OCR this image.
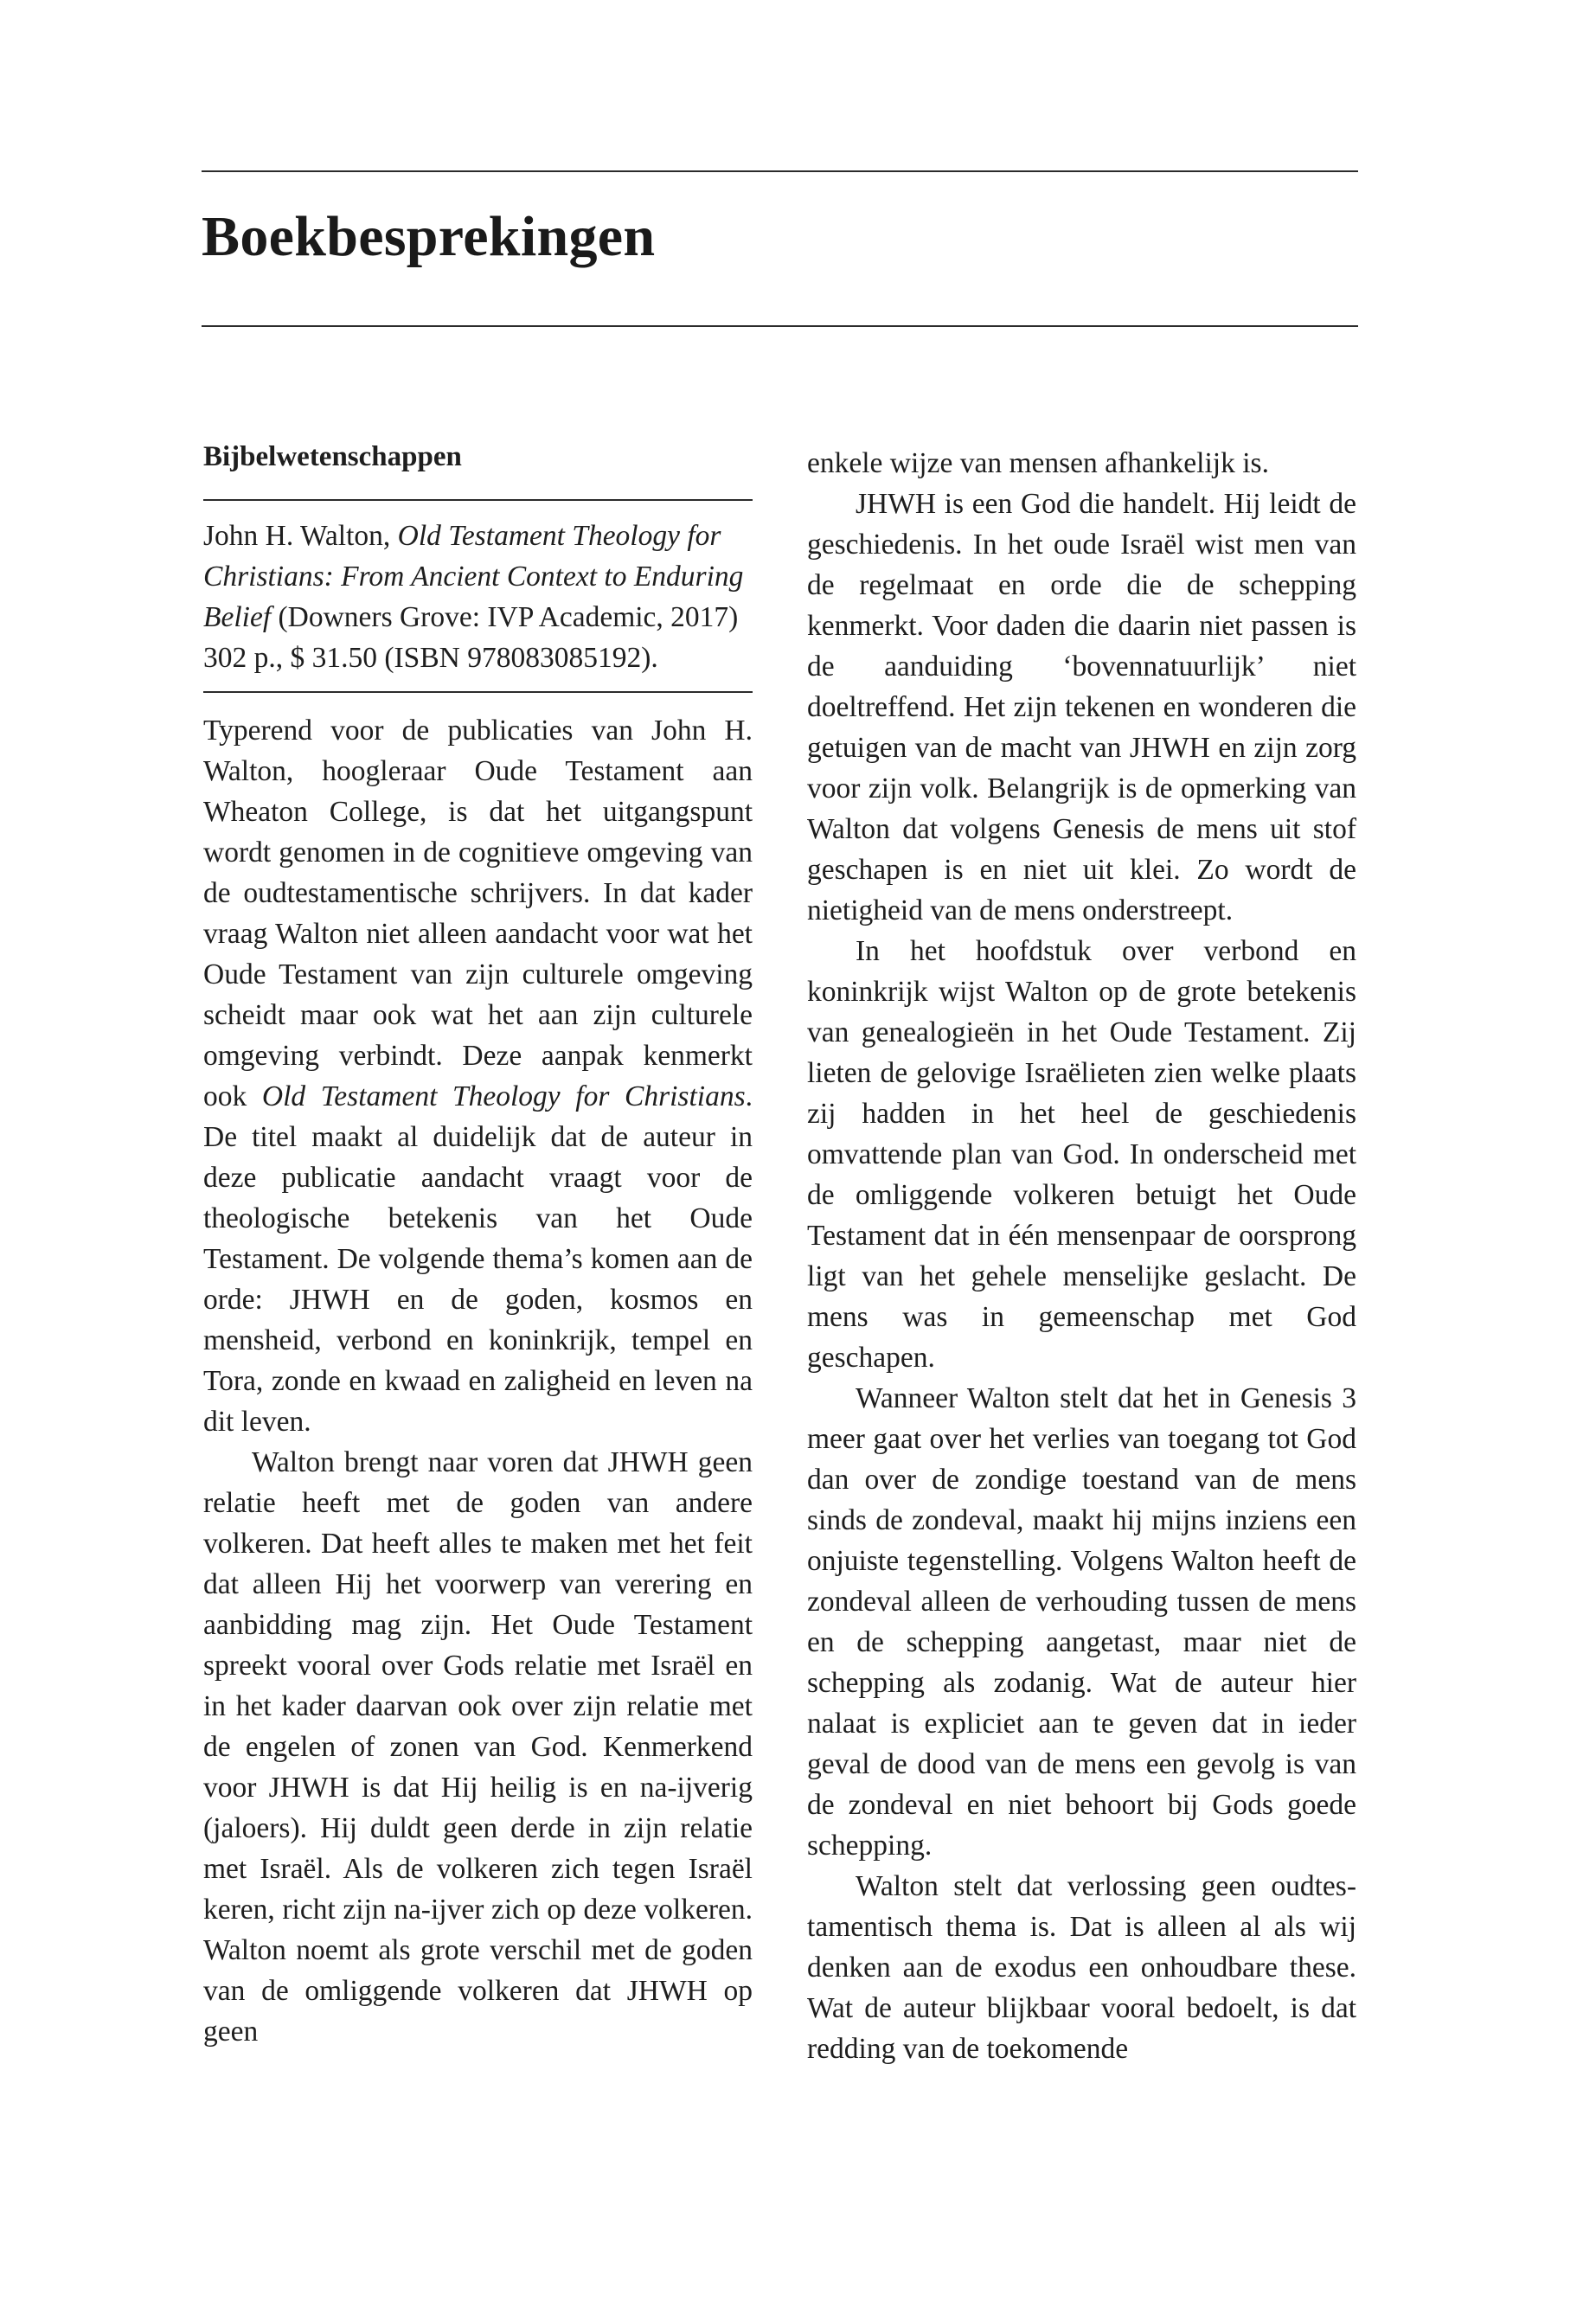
Boekbesprekingen
Bijbelwetenschappen
John H. Walton, Old Testament Theology for Christians: From Ancient Context to Enduring Belief (Downers Grove: IVP Academic, 2017) 302 p., $ 31.50 (ISBN 978083085192).

Typerend voor de publicaties van John H. Walton, hoogleraar Oude Testament aan Wheaton College, is dat het uitgangspunt wordt genomen in de cognitieve omgeving van de oudtestamentische schrijvers. In dat kader vraag Walton niet alleen aandacht voor wat het Oude Testament van zijn culturele omgeving scheidt maar ook wat het aan zijn culturele omgeving verbindt. Deze aanpak kenmerkt ook Old Testament Theology for Christians. De titel maakt al duidelijk dat de auteur in deze publicatie aandacht vraagt voor de theologische betekenis van het Oude Testament. De volgende thema’s komen aan de orde: JHWH en de goden, kosmos en mensheid, verbond en koninkrijk, tempel en Tora, zonde en kwaad en zaligheid en leven na dit leven.

Walton brengt naar voren dat JHWH geen relatie heeft met de goden van andere volkeren. Dat heeft alles te maken met het feit dat alleen Hij het voorwerp van verering en aanbidding mag zijn. Het Oude Testament spreekt vooral over Gods relatie met Israël en in het kader daarvan ook over zijn relatie met de engelen of zonen van God. Kenmerkend voor JHWH is dat Hij heilig is en na-ijverig (jaloers). Hij duldt geen derde in zijn relatie met Israël. Als de volkeren zich tegen Israël keren, richt zijn na-ijver zich op deze volkeren. Walton noemt als grote verschil met de goden van de omliggende volkeren dat JHWH op geen

enkele wijze van mensen afhankelijk is.

JHWH is een God die handelt. Hij leidt de geschiedenis. In het oude Israël wist men van de regelmaat en orde die de schepping kenmerkt. Voor daden die daarin niet passen is de aanduiding ‘bovennatuurlijk’ niet doeltreffend. Het zijn tekenen en wonderen die getuigen van de macht van JHWH en zijn zorg voor zijn volk. Belangrijk is de opmerking van Walton dat volgens Genesis de mens uit stof geschapen is en niet uit klei. Zo wordt de nietigheid van de mens onderstreept.

In het hoofdstuk over verbond en koninkrijk wijst Walton op de grote betekenis van genealogieën in het Oude Testament. Zij lieten de gelovige Israëlieten zien welke plaats zij hadden in het heel de geschiedenis omvattende plan van God. In onderscheid met de omliggende volkeren betuigt het Oude Testament dat in één mensenpaar de oorsprong ligt van het gehele menselijke geslacht. De mens was in gemeenschap met God geschapen.

Wanneer Walton stelt dat het in Genesis 3 meer gaat over het verlies van toegang tot God dan over de zondige toestand van de mens sinds de zondeval, maakt hij mijns inziens een onjuiste tegenstelling. Volgens Walton heeft de zondeval alleen de verhouding tussen de mens en de schepping aangetast, maar niet de schepping als zodanig. Wat de auteur hier nalaat is expliciet aan te geven dat in ieder geval de dood van de mens een gevolg is van de zondeval en niet behoort bij Gods goede schepping.

Walton stelt dat verlossing geen oudtestamentisch thema is. Dat is alleen al als wij denken aan de exodus een onhoudbare these. Wat de auteur blijkbaar vooral bedoelt, is dat redding van de toekomende
